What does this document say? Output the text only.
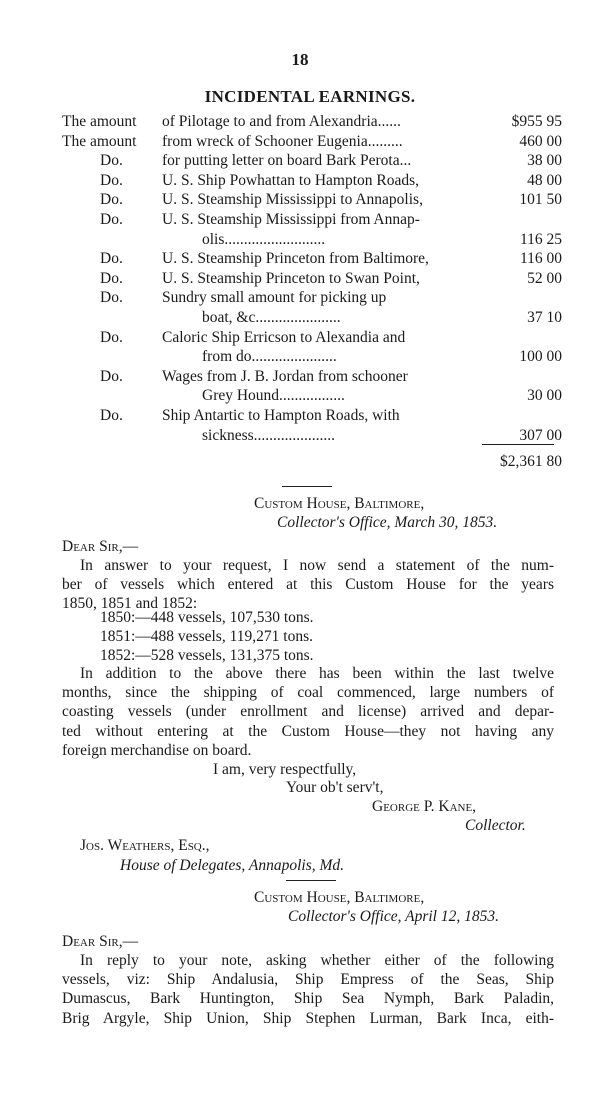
18
INCIDENTAL EARNINGS.
The amount	of Pilotage to and from Alexandria......	$955 95
The amount	from wreck of Schooner Eugenia.........	460 00
Do.	for putting letter on board Bark Perota...	38 00
Do.	U. S. Ship Powhattan to Hampton Roads,	48 00
Do.	U. S. Steamship Mississippi to Annapolis,	101 50
Do.	U. S. Steamship Mississippi from Annap-
olis..........................	116 25
Do.	U. S. Steamship Princeton from Baltimore,	116 00
Do.	U. S. Steamship Princeton to Swan Point,	52 00
Do.	Sundry small amount for picking up
boat, &c......................	37 10
Do.	Caloric Ship Erricson to Alexandia and
from do......................	100 00
Do.	Wages from J. B. Jordan from schooner
Grey Hound.................	30 00
Do.	Ship Antartic to Hampton Roads, with
sickness.....................	307 00
$2,361 80
Custom House, Baltimore,
Collector's Office, March 30, 1853.
Dear Sir,—
In answer to your request, I now send a statement of the num-
ber of vessels which entered at this Custom House for the years
1850, 1851 and 1852:
1850:—448 vessels, 107,530 tons.
1851:—488 vessels, 119,271 tons.
1852:—528 vessels, 131,375 tons.
In addition to the above there has been within the last twelve
months, since the shipping of coal commenced, large numbers of
coasting vessels (under enrollment and license) arrived and depar-
ted without entering at the Custom House—they not having any
foreign merchandise on board.
I am, very respectfully,
Your ob't serv't,
George P. Kane,
Collector.
Jos. Weathers, Esq.,
House of Delegates, Annapolis, Md.
Custom House, Baltimore,
Collector's Office, April 12, 1853.
Dear Sir,—
In reply to your note, asking whether either of the following
vessels, viz: Ship Andalusia, Ship Empress of the Seas, Ship
Dumascus, Bark Huntington, Ship Sea Nymph, Bark Paladin,
Brig Argyle, Ship Union, Ship Stephen Lurman, Bark Inca, eith-
